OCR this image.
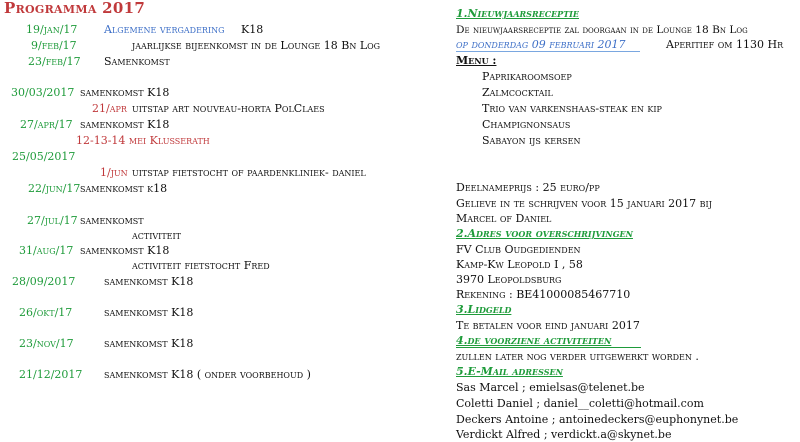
Programma 2017
19/jan/17 Algemene vergadering K18
9/feb/17	jaarlijkse bijeenkomst in de Lounge 18 Bn Log
23/feb/17 Samenkomst
30/03/2017 samenkomst K18
21/apr uitstap art nouveau-horta PolClaes
27/apr/17 samenkomst K18
12-13-14 mei Klusserath
25/05/2017
1/jun uitstap fietstocht of paardenkliniek- daniel
22/jun/17 samenkomst k18
27/jul/17 samenkomst
activiteit
31/aug/17 samenkomst K18
activiteit fietstocht Fred
28/09/2017	samenkomst K18
26/okt/17	samenkomst K18
23/nov/17	samenkomst K18
21/12/2017 samenkomst K18 ( onder voorbehoud )
1.Nieuwjaarsreceptie
De nieuwjaarsreceptie zal doorgaan in de Lounge 18 Bn Log
op donderdag 09 februari 2017	Aperitief om 1130 Hr
Menu :
Paprikaroomsoep
Zalmcocktail
Trio van varkenshaas-steak en kip
Champignonsaus
Sabayon ijs kersen
Deelnameprijs : 25 euro/pp
Gelieve in te schrijven voor 15 januari 2017 bij
Marcel of Daniel
2.Adres voor overschrijvingen
FV Club Oudgedienden
Kamp-Kw Leopold I , 58
3970 Leopoldsburg
Rekening : BE41000085467710
3.Lidgeld
Te betalen voor eind januari 2017
4.de voorziene activiteiten
zullen later nog verder uitgewerkt worden .
5.E-Mail adressen
Sas Marcel ; emielsas@telenet.be
Coletti Daniel ; daniel__coletti@hotmail.com
Deckers Antoine ; antoinedeckers@euphonynet.be
Verdickt Alfred ; verdickt.a@skynet.be
